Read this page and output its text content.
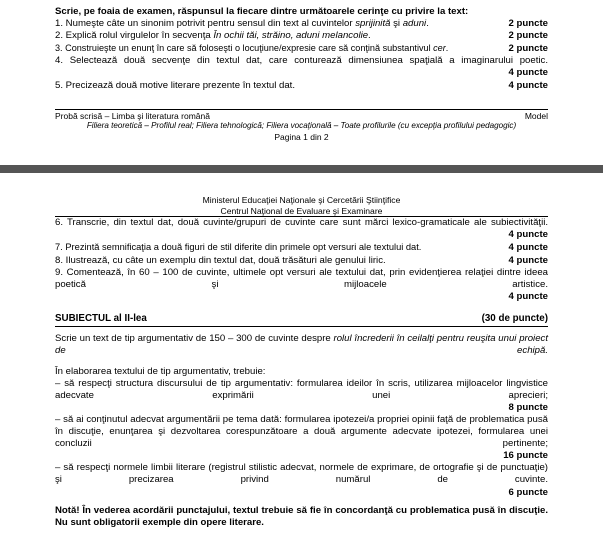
Scrie, pe foaia de examen, răspunsul la fiecare dintre următoarele cerinţe cu privire la text:
1. Numeşte câte un sinonim potrivit pentru sensul din text al cuvintelor sprijinită şi aduni.
	2 puncte
2. Explică rolul virgulelor în secvenţa În ochii tăi, străino, aduni melancolie.
	2 puncte
3. Construieşte un enunţ în care să foloseşti o locuţiune/expresie care să conţină substantivul cer.
	2 puncte
4. Selectează două secvenţe din textul dat, care conturează dimensiunea spaţială a imaginarului poetic.

4 puncte
5. Precizează două motive literare prezente în textul dat.
	4 puncte
Probă scrisă – Limba şi literatura română	Model
Filiera teoretică – Profilul real; Filiera tehnologică; Filiera vocaţională – Toate profilurile (cu excepţia profilului pedagogic)
Pagina 1 din 2
Ministerul Educaţiei Naţionale şi Cercetării Ştiinţifice
Centrul Naţional de Evaluare şi Examinare
6. Transcrie, din textul dat, două cuvinte/grupuri de cuvinte care sunt mărci lexico-gramaticale ale subiectivităţii.

4 puncte
7. Prezintă semnificaţia a două figuri de stil diferite din primele opt versuri ale textului dat.
	4 puncte
8. Ilustrează, cu câte un exemplu din textul dat, două trăsături ale genului liric.
	4 puncte
9. Comentează, în 60 – 100 de cuvinte, ultimele opt versuri ale textului dat, prin evidenţierea relaţiei dintre ideea poetică şi mijloacele artistice.

4 puncte
SUBIECTUL al II-lea	(30 de puncte)
Scrie un text de tip argumentativ de 150 – 300 de cuvinte despre rolul încrederii în ceilalţi pentru reuşita unui proiect de echipă.
În elaborarea textului de tip argumentativ, trebuie:
– să respecţi structura discursului de tip argumentativ: formularea ideilor în scris, utilizarea mijloacelor lingvistice adecvate exprimării unei aprecieri;

8 puncte
– să ai conţinutul adecvat argumentării pe tema dată: formularea ipotezei/a propriei opinii faţă de problematica pusă în discuţie, enunţarea şi dezvoltarea corespunzătoare a două argumente adecvate ipotezei, formularea unei concluzii pertinente;

16 puncte
– să respecţi normele limbii literare (registrul stilistic adecvat, normele de exprimare, de ortografie şi de punctuaţie) şi precizarea privind numărul de cuvinte.

6 puncte
Notă! În vederea acordării punctajului, textul trebuie să fie în concordanţă cu problematica pusă în discuţie.
Nu sunt obligatorii exemple din opere literare.
